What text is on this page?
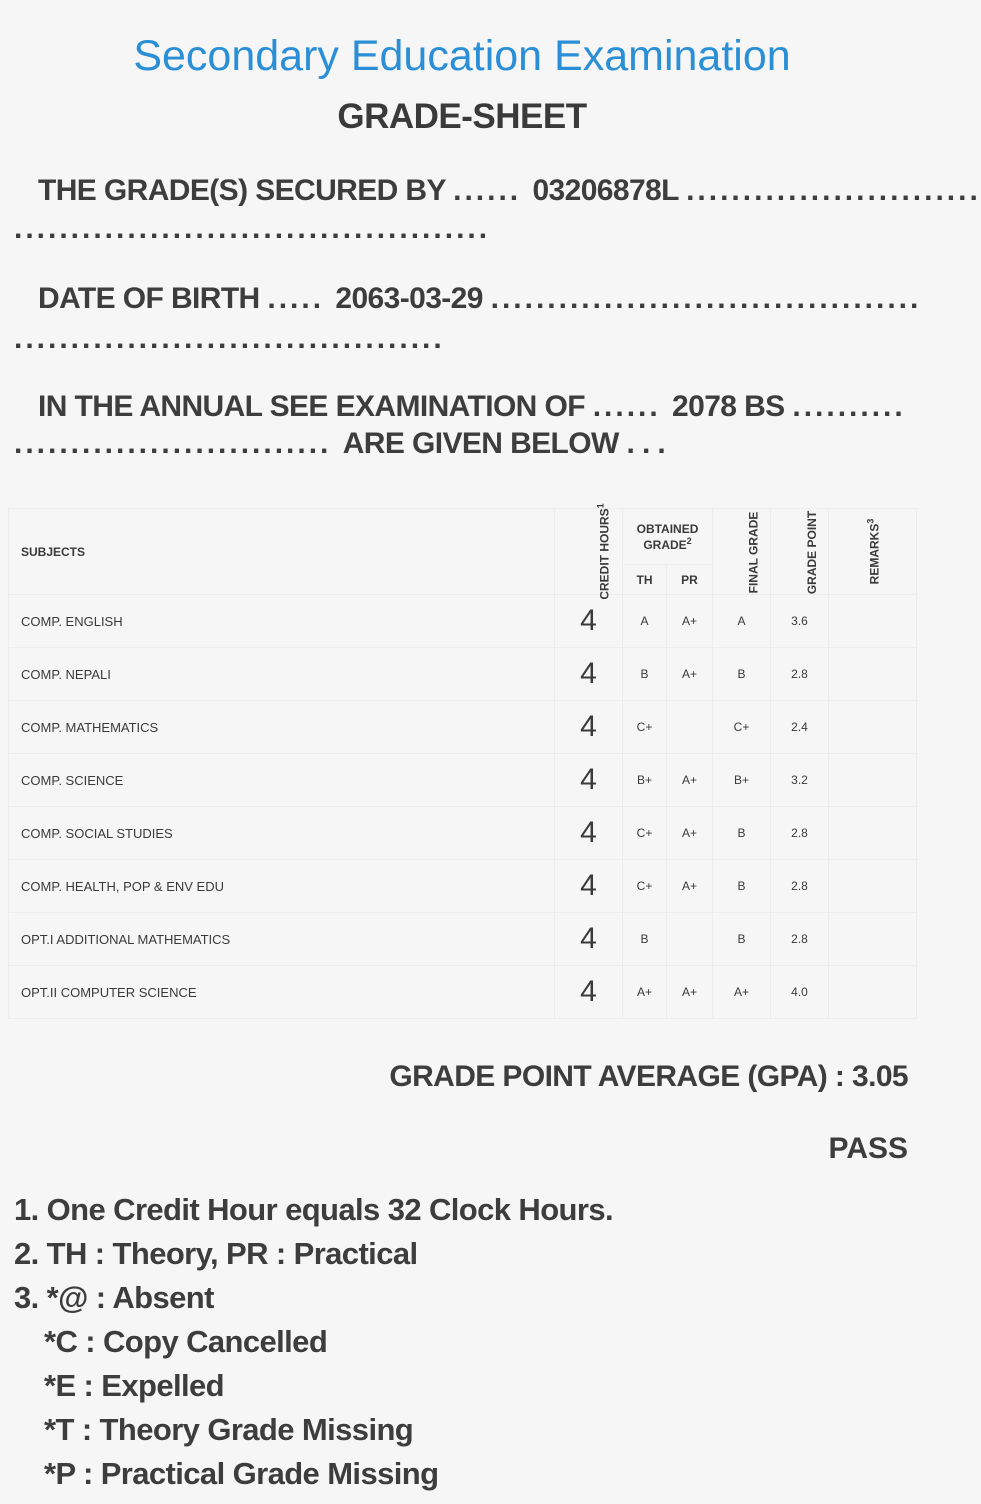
Secondary Education Examination
GRADE-SHEET
THE GRADE(S) SECURED BY ...... 03206878L ..........................
..........................................
DATE OF BIRTH ..... 2063-03-29 ......................................
......................................
IN THE ANNUAL SEE EXAMINATION OF ...... 2078 BS ..........
............................ ARE GIVEN BELOW . . .
SUBJECTS	CREDIT HOURS$^1$	OBTAINED GRADE$^2$		FINAL GRADE	GRADE POINT	REMARKS$^3$
		TH	PR			
COMP. ENGLISH	4	A	A+	A	3.6	
COMP. NEPALI	4	B	A+	B	2.8	
COMP. MATHEMATICS	4	C+		C+	2.4	
COMP. SCIENCE	4	B+	A+	B+	3.2	
COMP. SOCIAL STUDIES	4	C+	A+	B	2.8	
COMP. HEALTH, POP & ENV EDU	4	C+	A+	B	2.8	
OPT.I ADDITIONAL MATHEMATICS	4	B		B	2.8	
OPT.II COMPUTER SCIENCE	4	A+	A+	A+	4.0	
GRADE POINT AVERAGE (GPA) : 3.05
PASS
1. One Credit Hour equals 32 Clock Hours.
2. TH : Theory, PR : Practical
3. *@ : Absent
*C : Copy Cancelled
*E : Expelled
*T : Theory Grade Missing
*P : Practical Grade Missing
